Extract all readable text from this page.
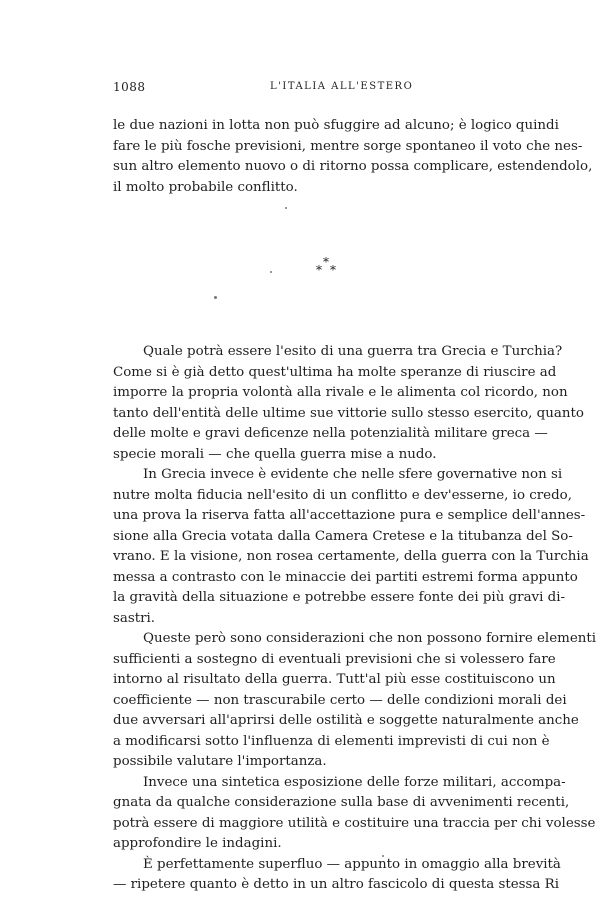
1088	L'ITALIA ALL'ESTERO
le due nazioni in lotta non può sfuggire ad alcuno; è logico quindi
fare le più fosche previsioni, mentre sorge spontaneo il voto che nes-
sun altro elemento nuovo o di ritorno possa complicare, estendendolo,
il molto probabile conflitto.
*
* *
Quale potrà essere l'esito di una guerra tra Grecia e Turchia?
Come si è già detto quest'ultima ha molte speranze di riuscire ad
imporre la propria volontà alla rivale e le alimenta col ricordo, non
tanto dell'entità delle ultime sue vittorie sullo stesso esercito, quanto
delle molte e gravi deficenze nella potenzialità militare greca —
specie morali — che quella guerra mise a nudo.
In Grecia invece è evidente che nelle sfere governative non si
nutre molta fiducia nell'esito di un conflitto e dev'esserne, io credo,
una prova la riserva fatta all'accettazione pura e semplice dell'annes-
sione alla Grecia votata dalla Camera Cretese e la titubanza del So-
vrano. E la visione, non rosea certamente, della guerra con la Turchia
messa a contrasto con le minaccie dei partiti estremi forma appunto
la gravità della situazione e potrebbe essere fonte dei più gravi di-
sastri.
Queste però sono considerazioni che non possono fornire elementi
sufficienti a sostegno di eventuali previsioni che si volessero fare
intorno al risultato della guerra. Tutt'al più esse costituiscono un
coefficiente — non trascurabile certo — delle condizioni morali dei
due avversari all'aprirsi delle ostilità e soggette naturalmente anche
a modificarsi sotto l'influenza di elementi imprevisti di cui non è
possibile valutare l'importanza.
Invece una sintetica esposizione delle forze militari, accompa-
gnata da qualche considerazione sulla base di avvenimenti recenti,
potrà essere di maggiore utilità e costituire una traccia per chi volesse
approfondire le indagini.
È perfettamente superfluo — appunto in omaggio alla brevità
— ripetere quanto è detto in un altro fascicolo di questa stessa Ri
